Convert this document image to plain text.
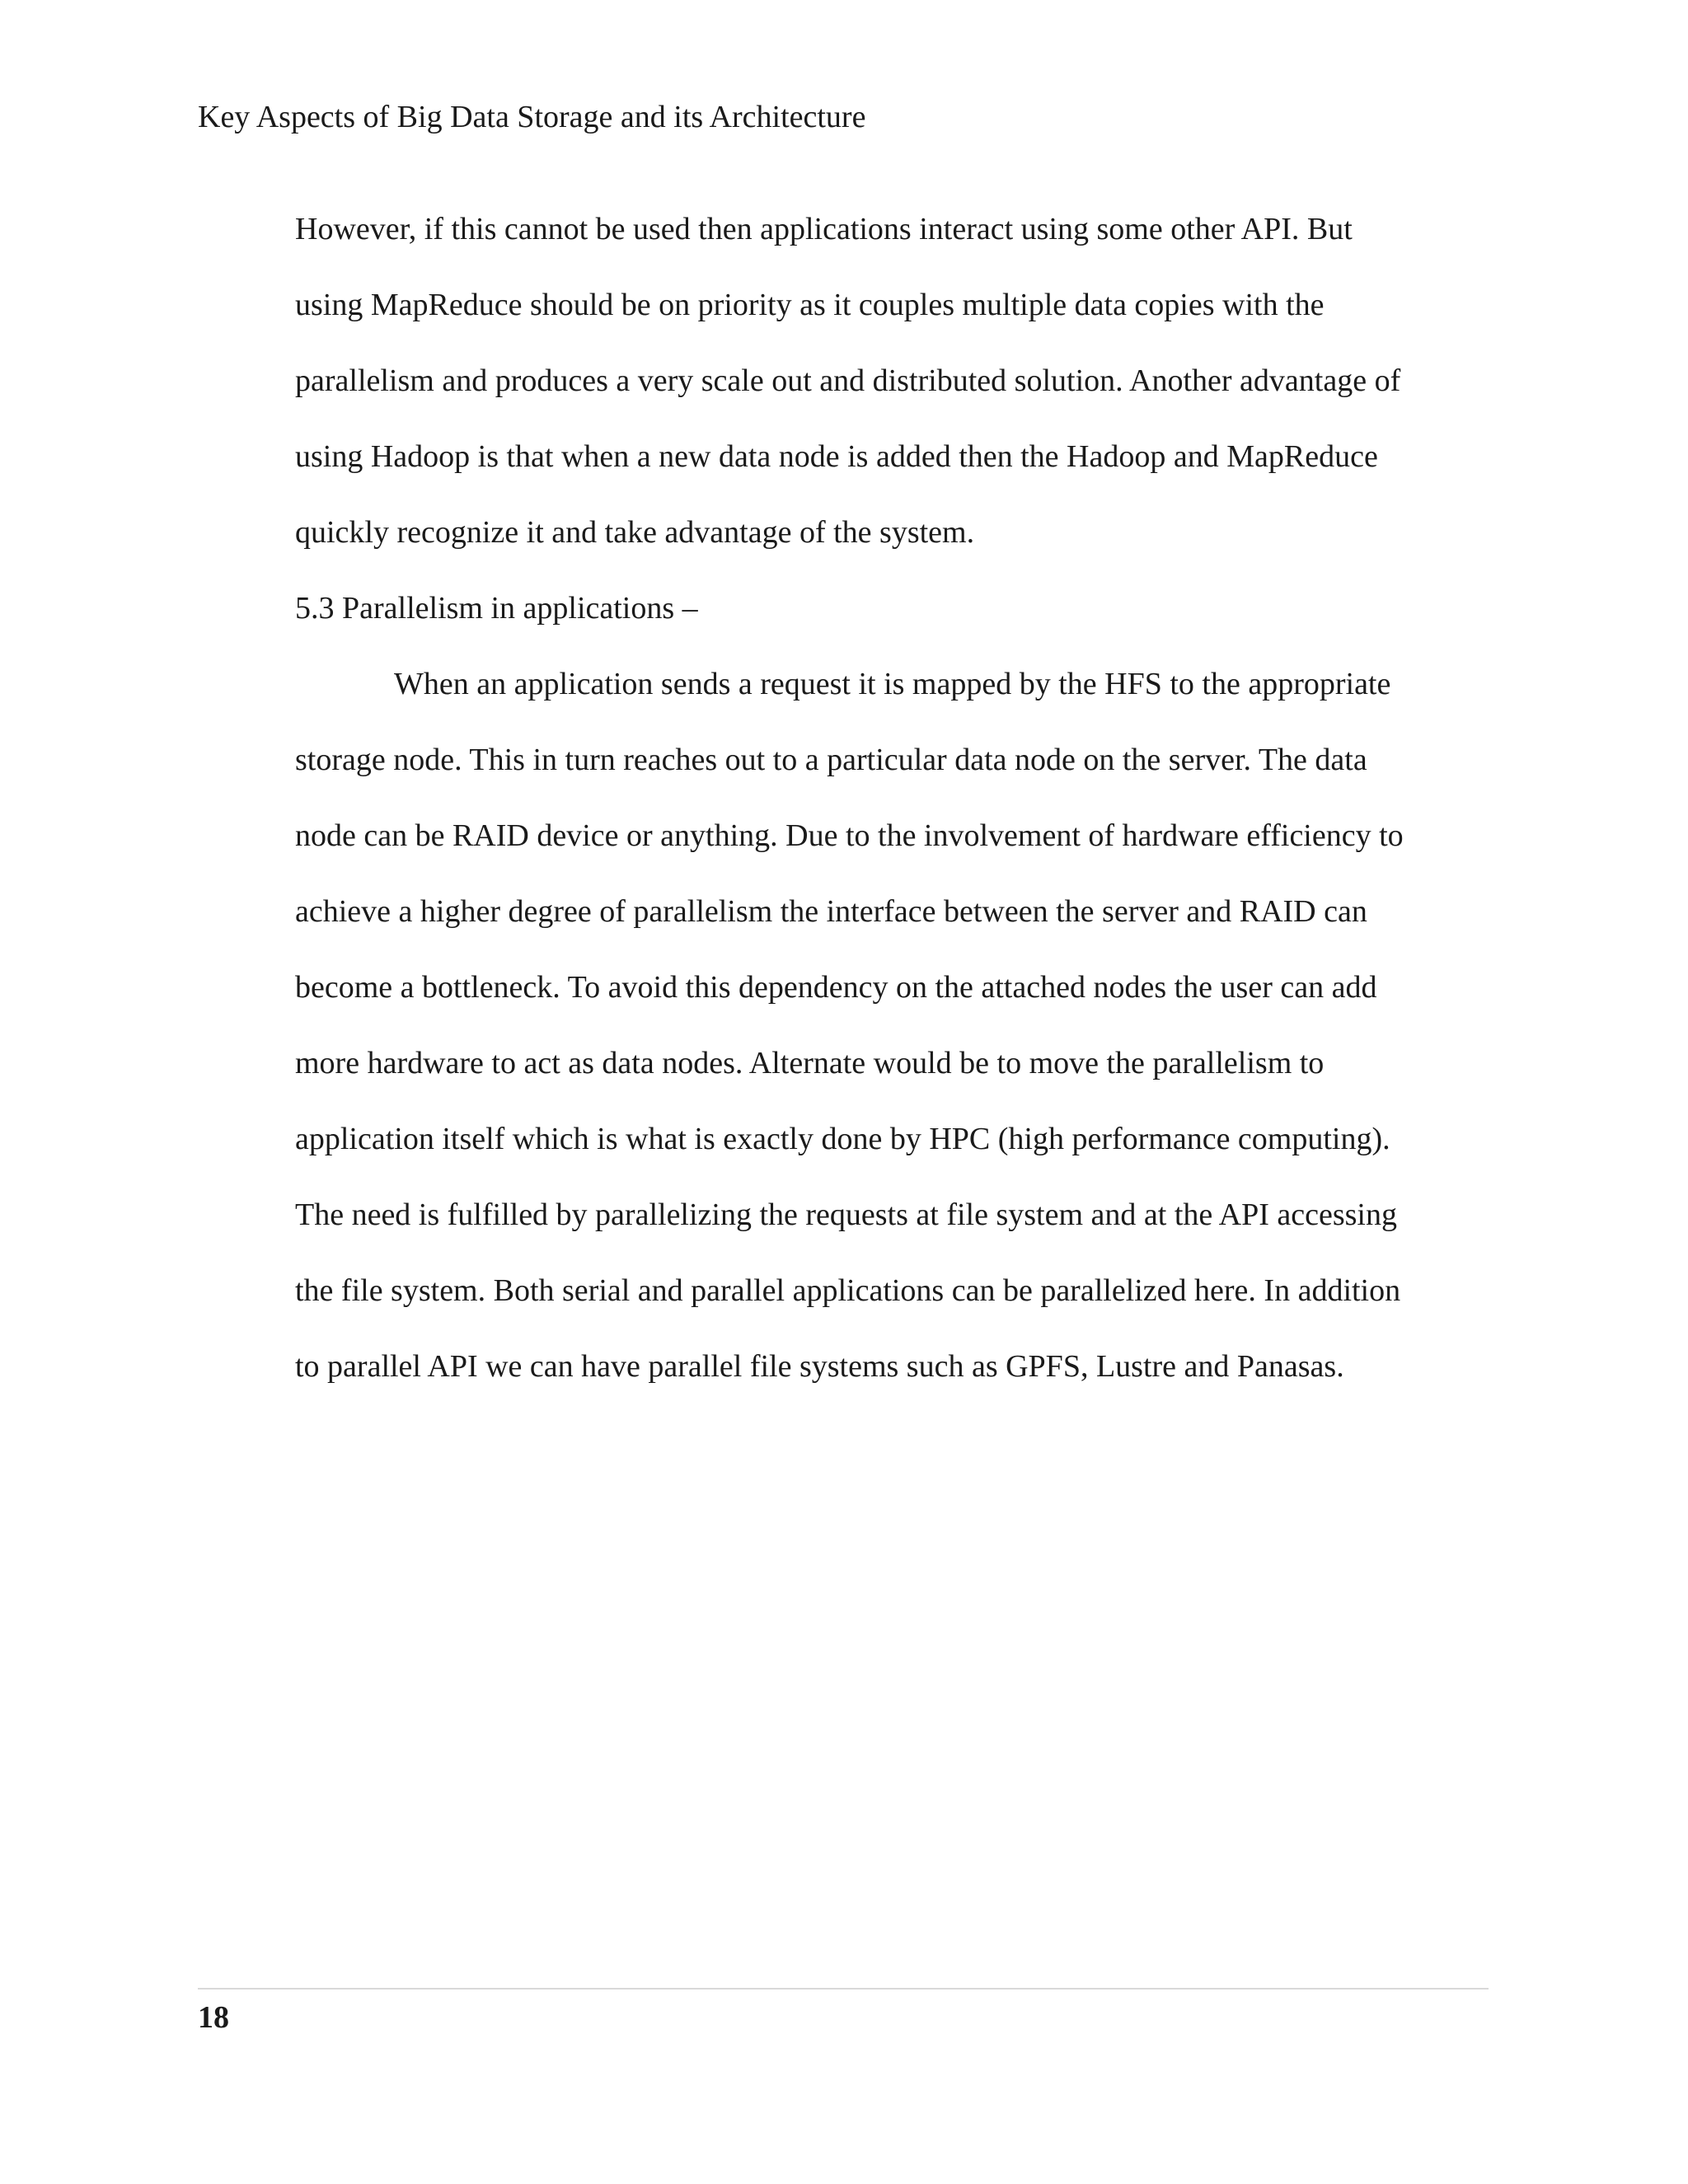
Key Aspects of Big Data Storage and its Architecture
However, if this cannot be used then applications interact using some other API. But
using MapReduce should be on priority as it couples multiple data copies with the
parallelism and produces a very scale out and distributed solution. Another advantage of
using Hadoop is that when a new data node is added then the Hadoop and MapReduce
quickly recognize it and take advantage of the system.
5.3 Parallelism in applications –
When an application sends a request it is mapped by the HFS to the appropriate
storage node. This in turn reaches out to a particular data node on the server. The data
node can be RAID device or anything. Due to the involvement of hardware efficiency to
achieve a higher degree of parallelism the interface between the server and RAID can
become a bottleneck. To avoid this dependency on the attached nodes the user can add
more hardware to act as data nodes. Alternate would be to move the parallelism to
application itself which is what is exactly done by HPC (high performance computing).
The need is fulfilled by parallelizing the requests at file system and at the API accessing
the file system. Both serial and parallel applications can be parallelized here. In addition
to parallel API we can have parallel file systems such as GPFS, Lustre and Panasas.
18
